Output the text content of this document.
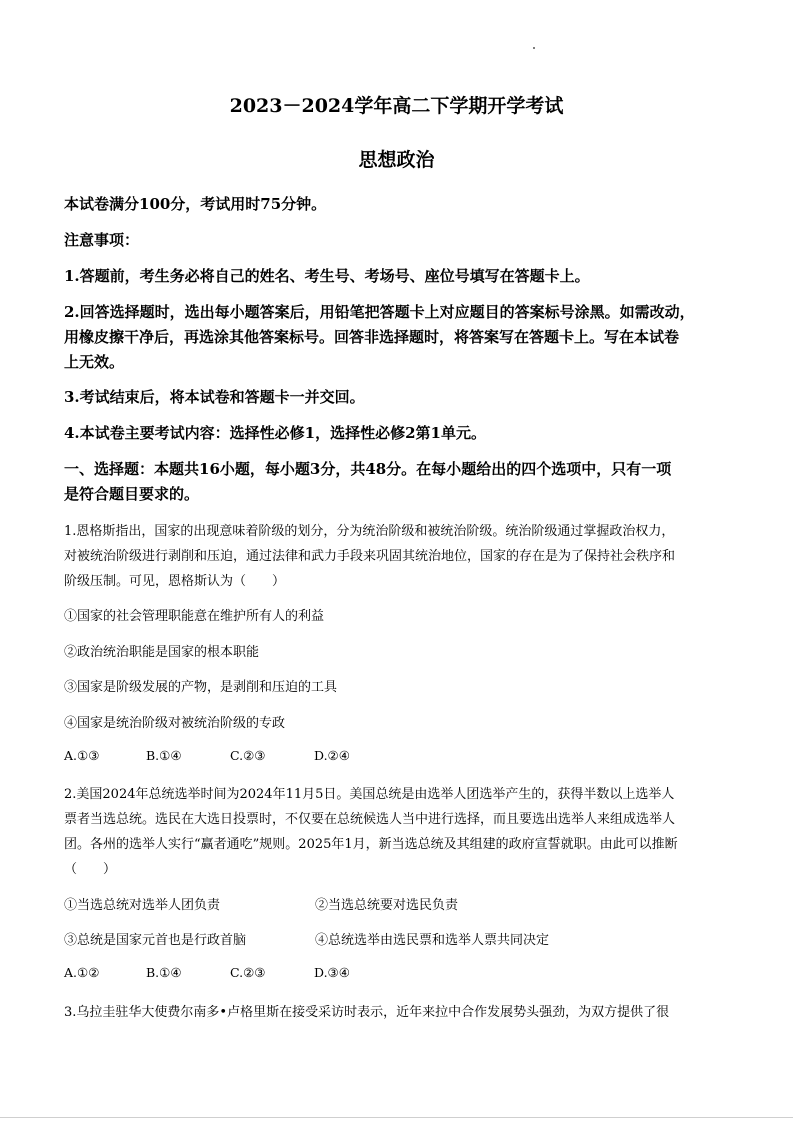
2023－2024学年高二下学期开学考试
思想政治
本试卷满分100分，考试用时75分钟。
注意事项：
1.答题前，考生务必将自己的姓名、考生号、考场号、座位号填写在答题卡上。
2.回答选择题时，选出每小题答案后，用铅笔把答题卡上对应题目的答案标号涂黑。如需改动，
用橡皮擦干净后，再选涂其他答案标号。回答非选择题时，将答案写在答题卡上。写在本试卷
上无效。
3.考试结束后，将本试卷和答题卡一并交回。
4.本试卷主要考试内容：选择性必修1，选择性必修2第1单元。
一、选择题：本题共16小题，每小题3分，共48分。在每小题给出的四个选项中，只有一项
是符合题目要求的。
1.恩格斯指出，国家的出现意味着阶级的划分，分为统治阶级和被统治阶级。统治阶级通过掌握政治权力，
对被统治阶级进行剥削和压迫，通过法律和武力手段来巩固其统治地位，国家的存在是为了保持社会秩序和
阶级压制。可见，恩格斯认为（　　）
①国家的社会管理职能意在维护所有人的利益
②政治统治职能是国家的根本职能
③国家是阶级发展的产物，是剥削和压迫的工具
④国家是统治阶级对被统治阶级的专政
A.①③	B.①④	C.②③	D.②④
2.美国2024年总统选举时间为2024年11月5日。美国总统是由选举人团选举产生的，获得半数以上选举人
票者当选总统。选民在大选日投票时，不仅要在总统候选人当中进行选择，而且要选出选举人来组成选举人
团。各州的选举人实行“赢者通吃”规则。2025年1月，新当选总统及其组建的政府宣誓就职。由此可以推断
（　　）
①当选总统对选举人团负责	②当选总统要对选民负责
③总统是国家元首也是行政首脑	④总统选举由选民票和选举人票共同决定
A.①②	B.①④	C.②③	D.③④
3.乌拉圭驻华大使费尔南多•卢格里斯在接受采访时表示，近年来拉中合作发展势头强劲，为双方提供了很
